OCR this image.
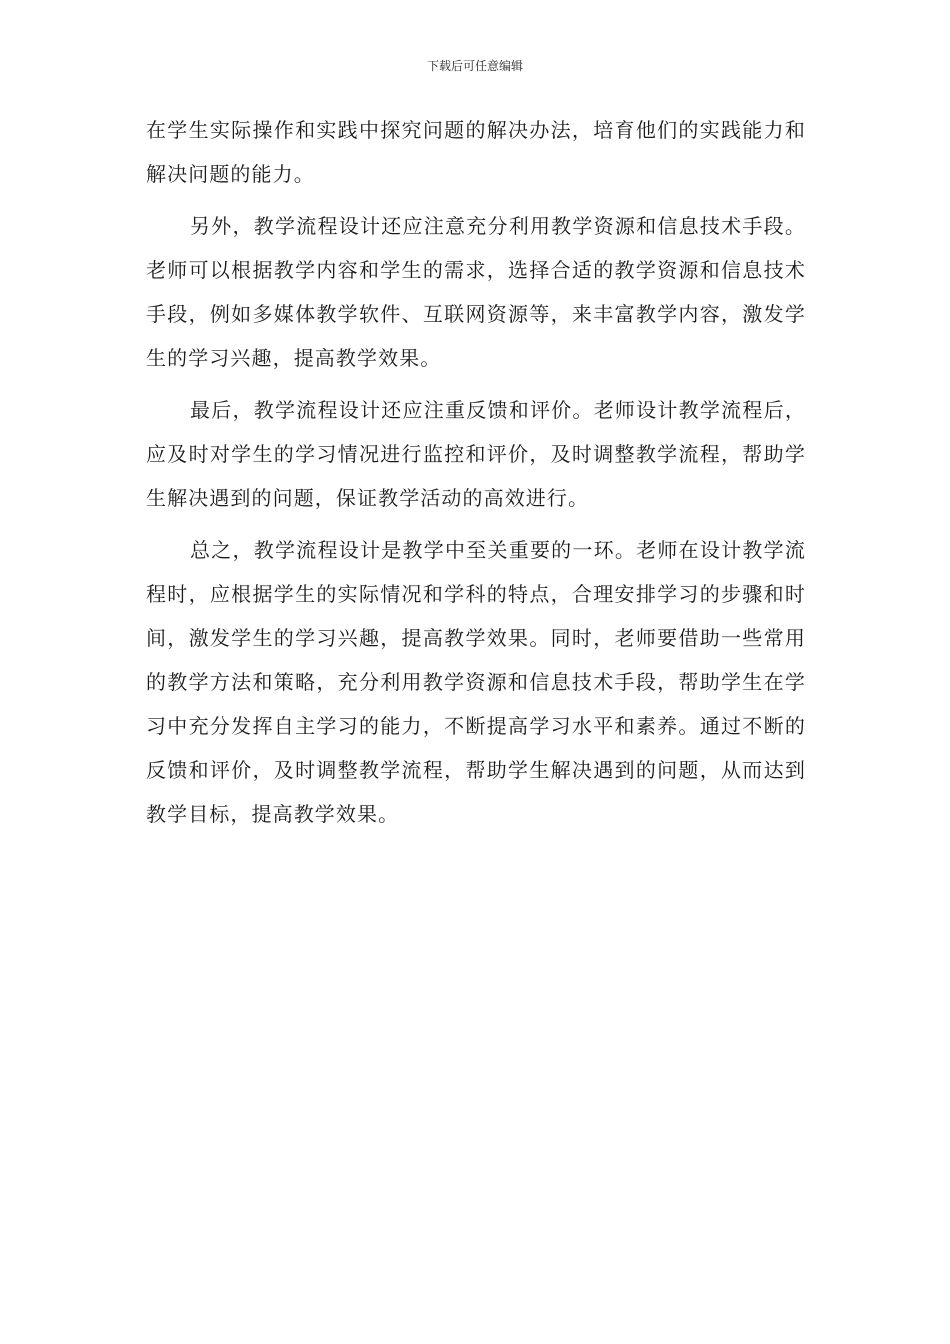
下载后可任意编辑

在学生实际操作和实践中探究问题的解决办法，培育他们的实践能力和解决问题的能力。

另外，教学流程设计还应注意充分利用教学资源和信息技术手段。老师可以根据教学内容和学生的需求，选择合适的教学资源和信息技术手段，例如多媒体教学软件、互联网资源等，来丰富教学内容，激发学生的学习兴趣，提高教学效果。

最后，教学流程设计还应注重反馈和评价。老师设计教学流程后，应及时对学生的学习情况进行监控和评价，及时调整教学流程，帮助学生解决遇到的问题，保证教学活动的高效进行。

总之，教学流程设计是教学中至关重要的一环。老师在设计教学流程时，应根据学生的实际情况和学科的特点，合理安排学习的步骤和时间，激发学生的学习兴趣，提高教学效果。同时，老师要借助一些常用的教学方法和策略，充分利用教学资源和信息技术手段，帮助学生在学习中充分发挥自主学习的能力，不断提高学习水平和素养。通过不断的反馈和评价，及时调整教学流程，帮助学生解决遇到的问题，从而达到教学目标，提高教学效果。
